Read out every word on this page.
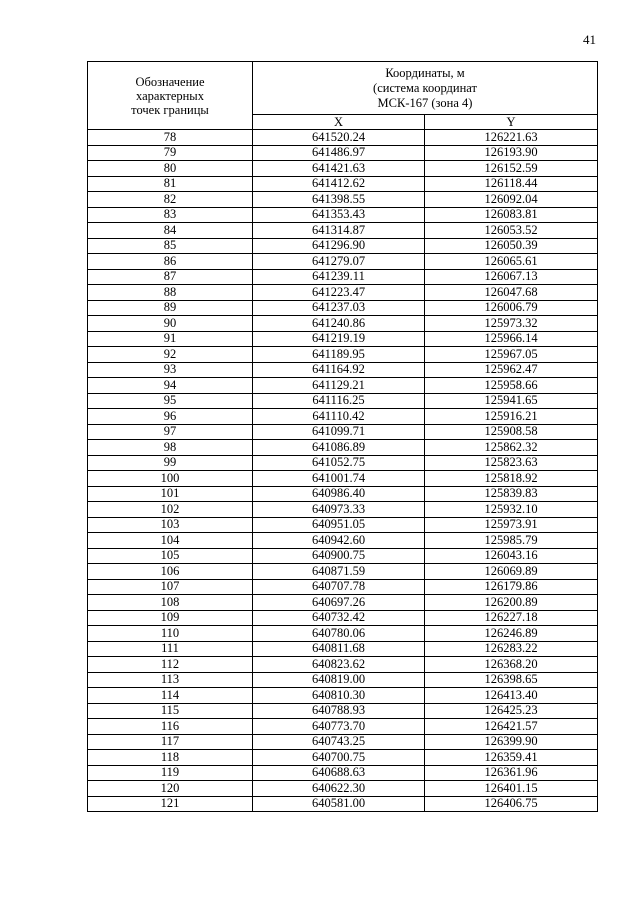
41
Обозначение
характерных
точек границы	Координаты, м
(система координат
МСК-167 (зона 4)	
	X	Y
78	641520.24	126221.63
79	641486.97	126193.90
80	641421.63	126152.59
81	641412.62	126118.44
82	641398.55	126092.04
83	641353.43	126083.81
84	641314.87	126053.52
85	641296.90	126050.39
86	641279.07	126065.61
87	641239.11	126067.13
88	641223.47	126047.68
89	641237.03	126006.79
90	641240.86	125973.32
91	641219.19	125966.14
92	641189.95	125967.05
93	641164.92	125962.47
94	641129.21	125958.66
95	641116.25	125941.65
96	641110.42	125916.21
97	641099.71	125908.58
98	641086.89	125862.32
99	641052.75	125823.63
100	641001.74	125818.92
101	640986.40	125839.83
102	640973.33	125932.10
103	640951.05	125973.91
104	640942.60	125985.79
105	640900.75	126043.16
106	640871.59	126069.89
107	640707.78	126179.86
108	640697.26	126200.89
109	640732.42	126227.18
110	640780.06	126246.89
111	640811.68	126283.22
112	640823.62	126368.20
113	640819.00	126398.65
114	640810.30	126413.40
115	640788.93	126425.23
116	640773.70	126421.57
117	640743.25	126399.90
118	640700.75	126359.41
119	640688.63	126361.96
120	640622.30	126401.15
121	640581.00	126406.75
